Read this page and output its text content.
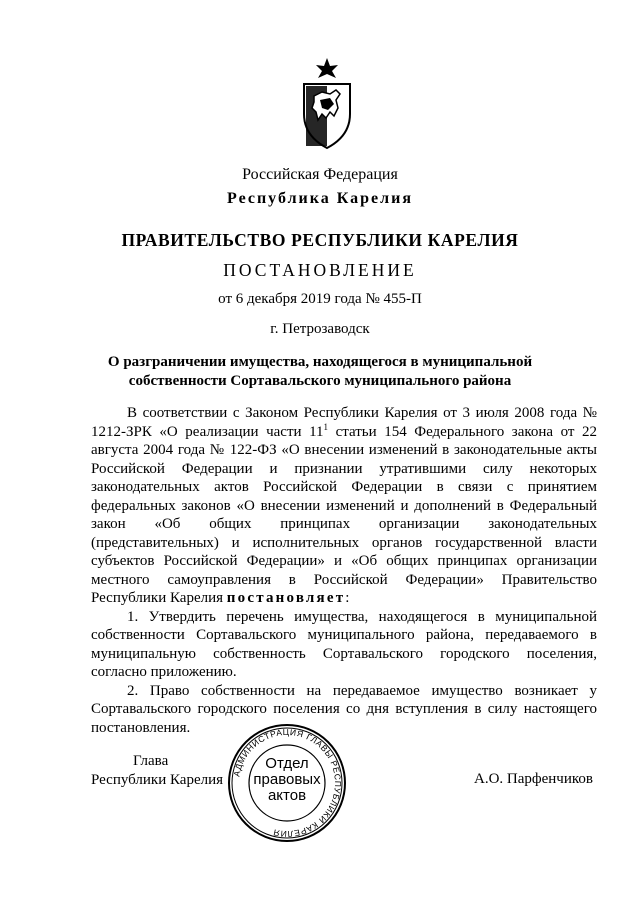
Российская Федерация
Республика Карелия
ПРАВИТЕЛЬСТВО РЕСПУБЛИКИ КАРЕЛИЯ
ПОСТАНОВЛЕНИЕ
от 6 декабря 2019 года № 455-П
г. Петрозаводск
О разграничении имущества, находящегося в муниципальной
собственности Сортавальского муниципального района

В соответствии с Законом Республики Карелия от 3 июля 2008 года № 1212-ЗРК «О реализации части $11^1$ статьи 154 Федерального закона от 22 августа 2004 года № 122-ФЗ «О внесении изменений в законодательные акты Российской Федерации и признании утратившими силу некоторых законодательных актов Российской Федерации в связи с принятием федеральных законов «О внесении изменений и дополнений в Федеральный закон «Об общих принципах организации законодательных (представительных) и исполнительных органов государственной власти субъектов Российской Федерации» и «Об общих принципах организации местного самоуправления в Российской Федерации» Правительство Республики Карелия постановляет:

1. Утвердить перечень имущества, находящегося в муниципальной собственности Сортавальского муниципального района, передаваемого в муниципальную собственность Сортавальского городского поселения, согласно приложению.

2. Право собственности на передаваемое имущество возникает у Сортавальского городского поселения со дня вступления в силу настоящего постановления.

Глава
Республики Карелия АДМИНИСТРАЦИЯ ГЛАВЫ РЕСПУБЛИКИ КАРЕЛИЯ
Отдел
правовых
актов
А.О. Парфенчиков
